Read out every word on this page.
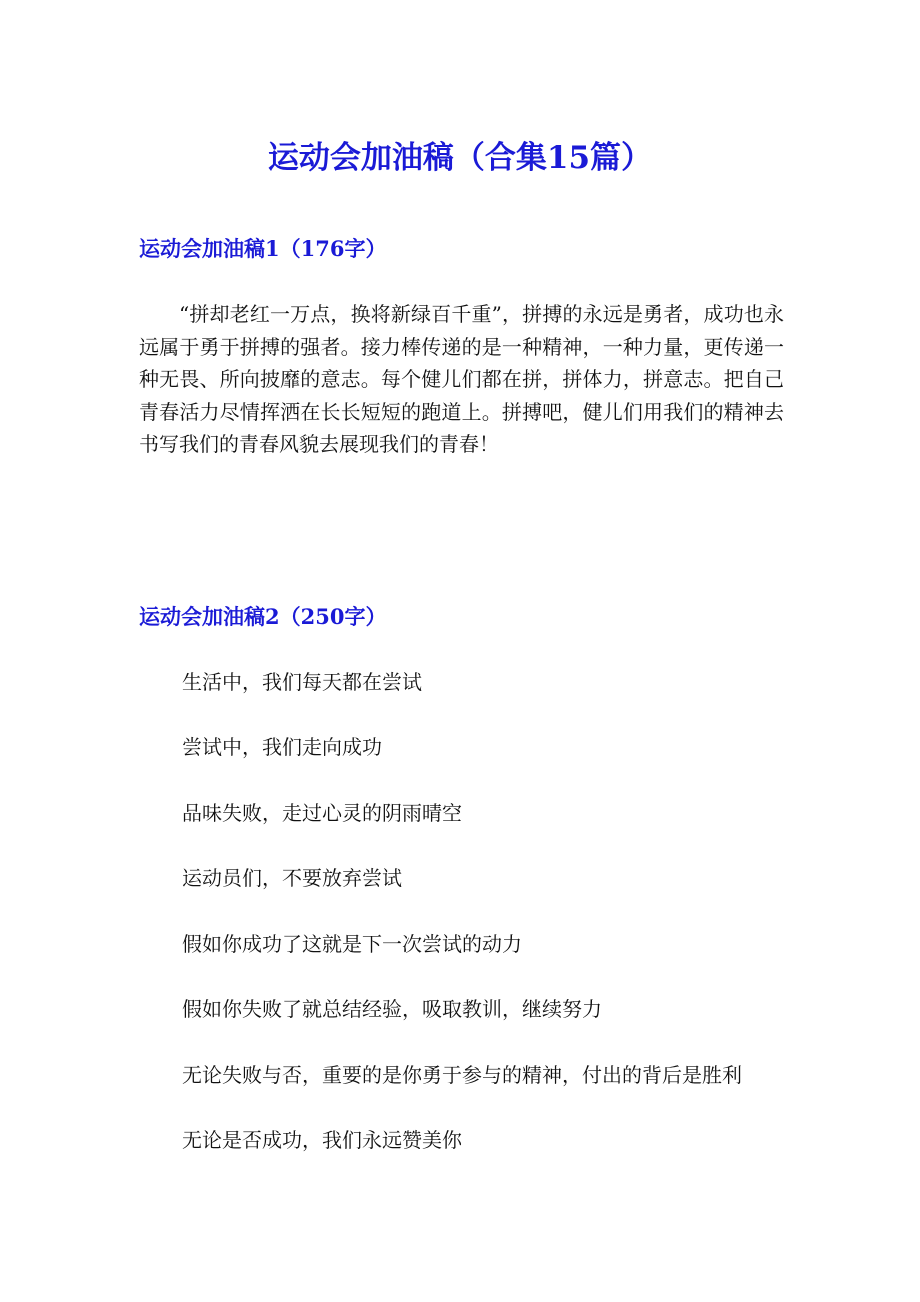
运动会加油稿（合集15篇）
运动会加油稿1（176字）

“拼却老红一万点，换将新绿百千重”，拼搏的永远是勇者，成功也永远属于勇于拼搏的强者。接力棒传递的是一种精神，一种力量，更传递一种无畏、所向披靡的意志。每个健儿们都在拼，拼体力，拼意志。把自己青春活力尽情挥洒在长长短短的跑道上。拼搏吧，健儿们用我们的精神去书写我们的青春风貌去展现我们的青春！

运动会加油稿2（250字）

生活中，我们每天都在尝试

尝试中，我们走向成功

品味失败，走过心灵的阴雨晴空

运动员们，不要放弃尝试

假如你成功了这就是下一次尝试的动力

假如你失败了就总结经验，吸取教训，继续努力

无论失败与否，重要的是你勇于参与的精神，付出的背后是胜利

无论是否成功，我们永远赞美你
